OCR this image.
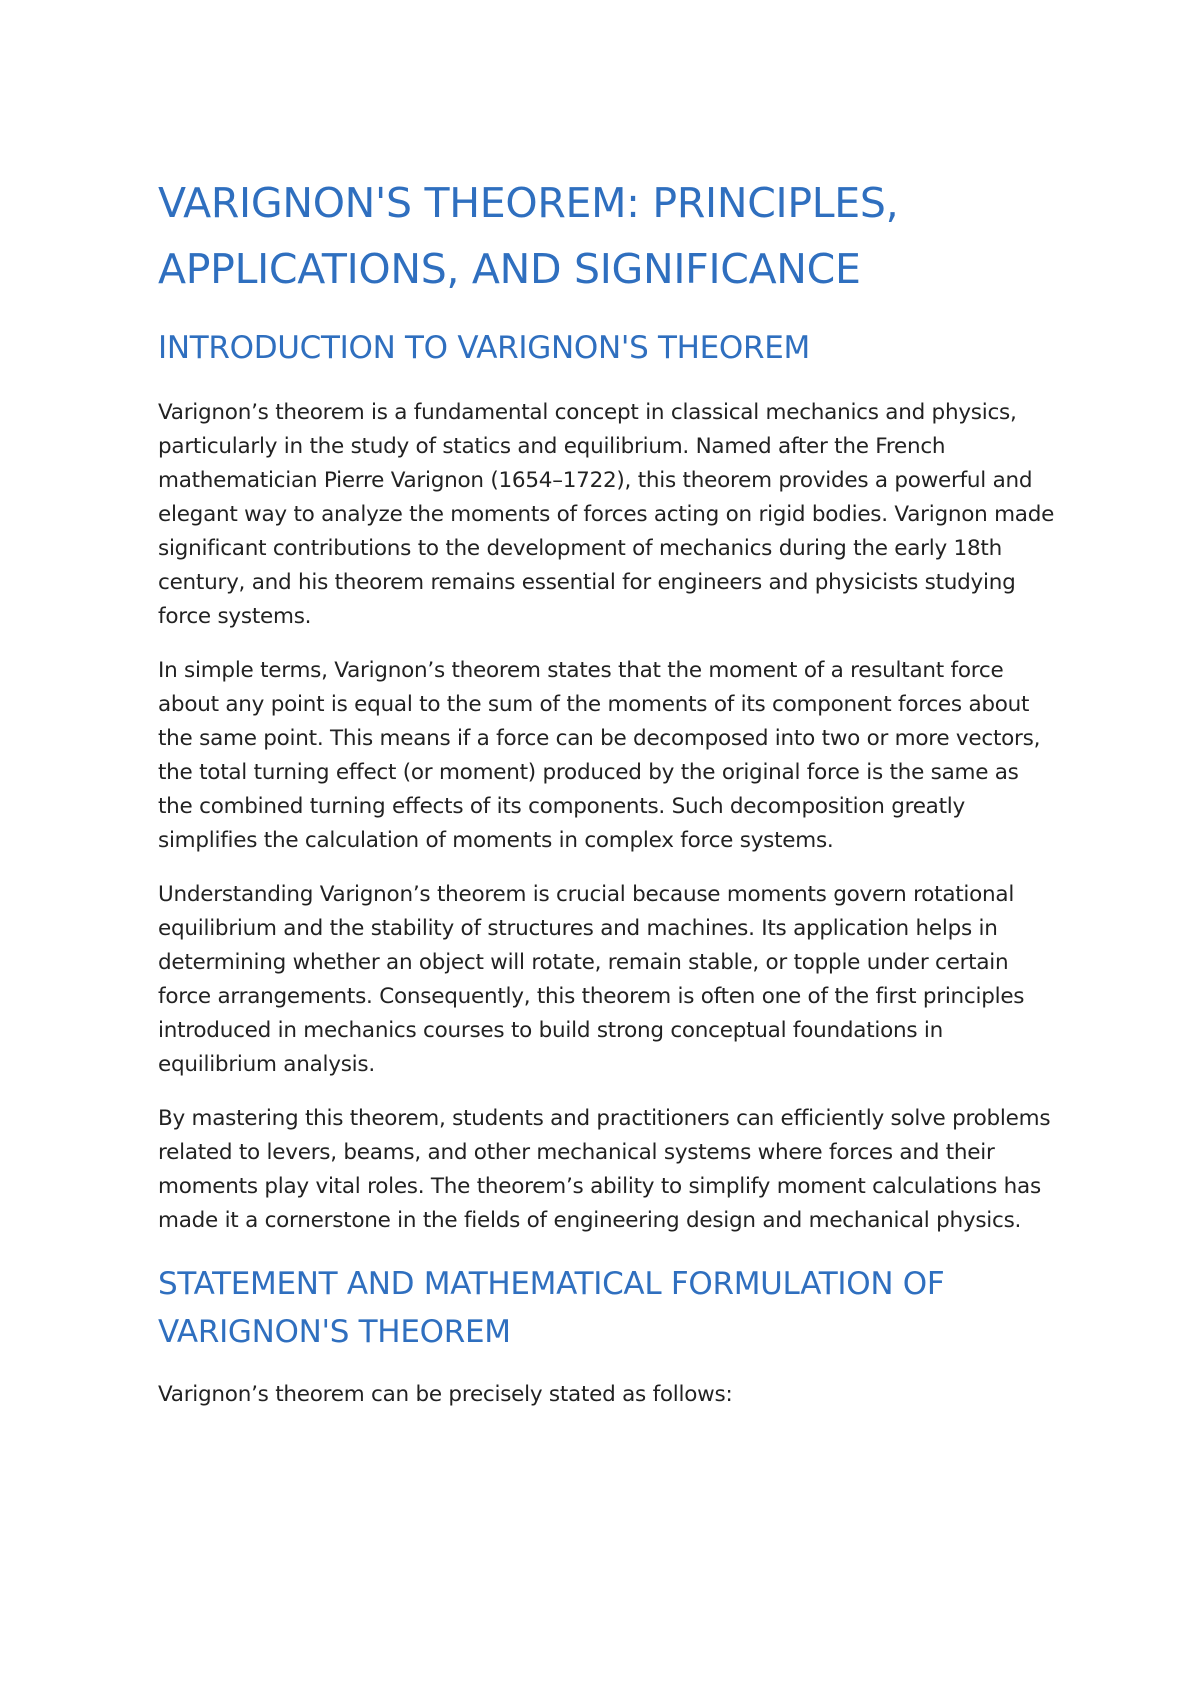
VARIGNON'S THEOREM: PRINCIPLES, APPLICATIONS, AND SIGNIFICANCE
INTRODUCTION TO VARIGNON'S THEOREM

Varignon’s theorem is a fundamental concept in classical mechanics and physics, particularly in the study of statics and equilibrium. Named after the French mathematician Pierre Varignon (1654–1722), this theorem provides a powerful and elegant way to analyze the moments of forces acting on rigid bodies. Varignon made significant contributions to the development of mechanics during the early 18th century, and his theorem remains essential for engineers and physicists studying force systems.

In simple terms, Varignon’s theorem states that the moment of a resultant force about any point is equal to the sum of the moments of its component forces about the same point. This means if a force can be decomposed into two or more vectors, the total turning effect (or moment) produced by the original force is the same as the combined turning effects of its components. Such decomposition greatly simplifies the calculation of moments in complex force systems.

Understanding Varignon’s theorem is crucial because moments govern rotational equilibrium and the stability of structures and machines. Its application helps in determining whether an object will rotate, remain stable, or topple under certain force arrangements. Consequently, this theorem is often one of the first principles introduced in mechanics courses to build strong conceptual foundations in equilibrium analysis.

By mastering this theorem, students and practitioners can efficiently solve problems related to levers, beams, and other mechanical systems where forces and their moments play vital roles. The theorem’s ability to simplify moment calculations has made it a cornerstone in the fields of engineering design and mechanical physics.

STATEMENT AND MATHEMATICAL FORMULATION OF VARIGNON'S THEOREM

Varignon’s theorem can be precisely stated as follows:
